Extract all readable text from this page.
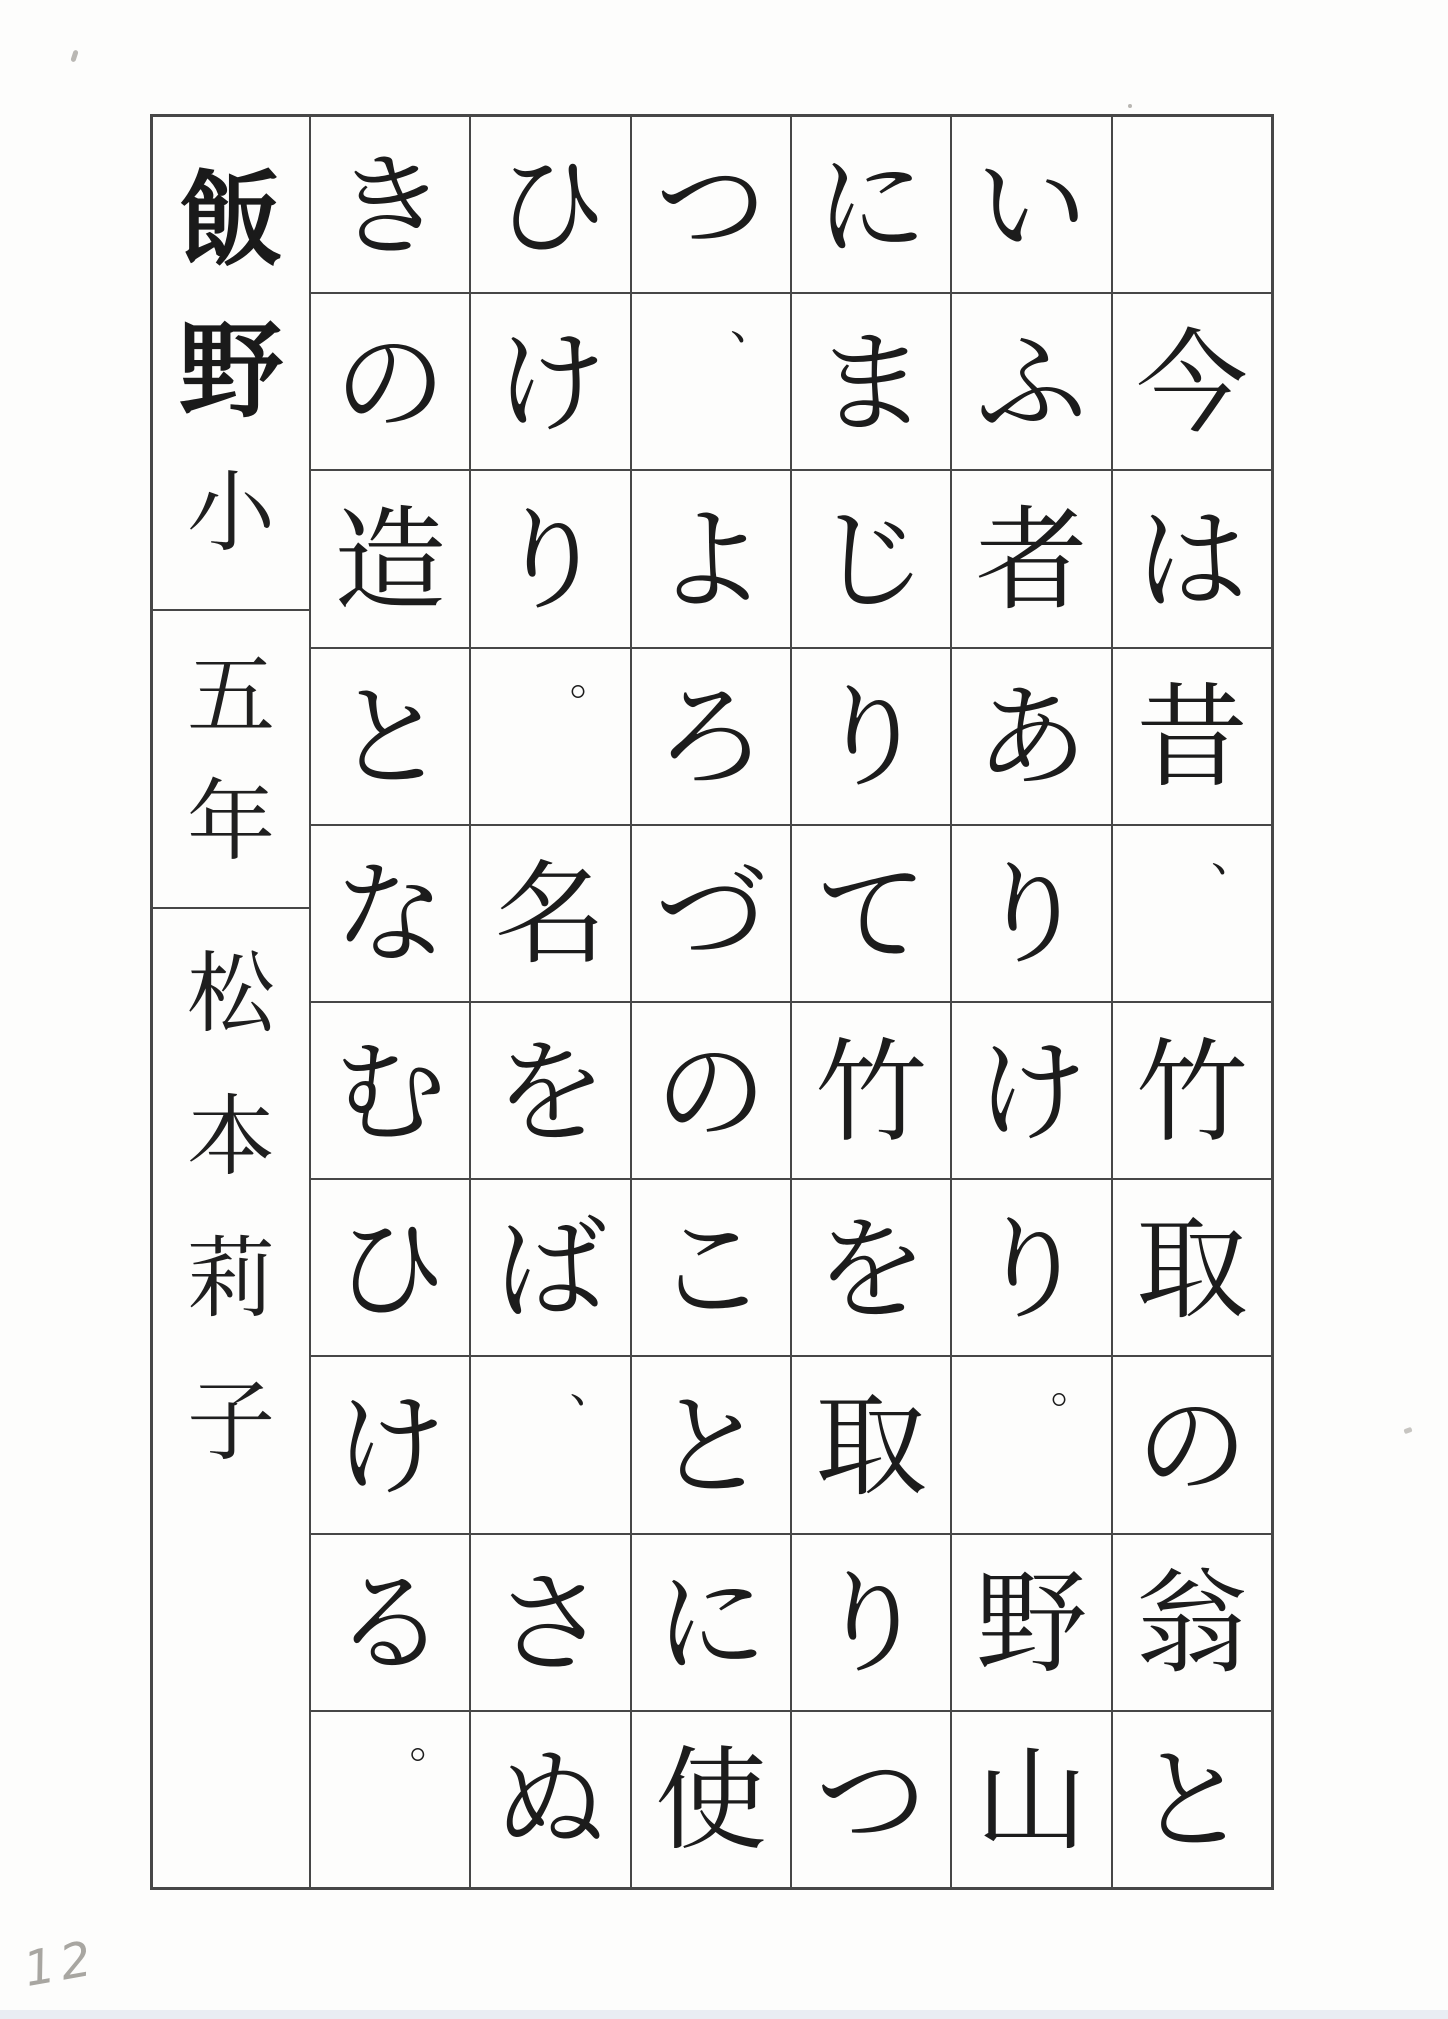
飯
野
小
五
年
松
本
莉
子
き
の
造
と
な
む
ひ
け
る
。
ひ
け
り
。
名
を
ば
、
さ
ぬ
つ
、
よ
ろ
づ
の
こ
と
に
使
に
ま
じ
り
て
竹
を
取
り
つ
い
ふ
者
あ
り
け
り
。
野
山
今
は
昔
、
竹
取
の
翁
と
12
